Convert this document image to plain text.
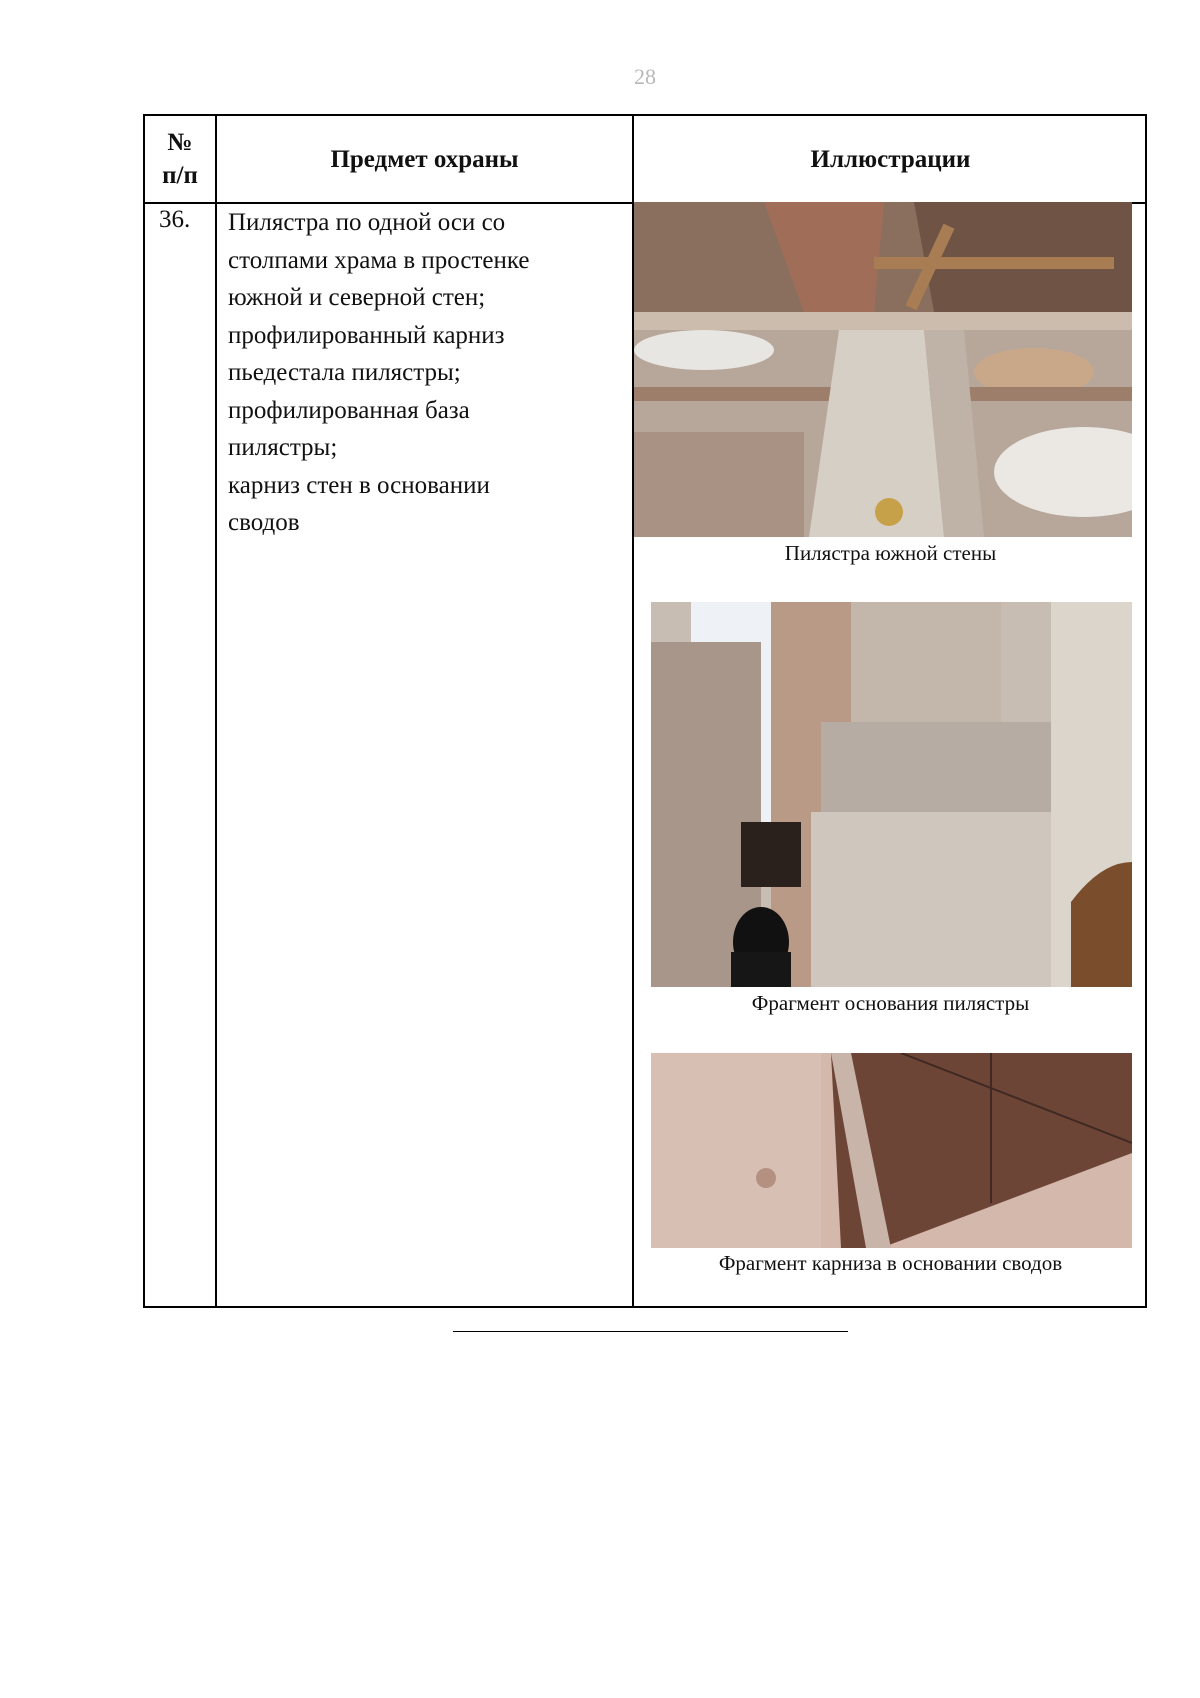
28
№
п/п
Предмет охраны	Иллюстрации
36. Пилястра по одной оси со
столпами храма в простенке
южной и северной стен;
профилированный карниз
пьедестала пилястры;
профилированная база
пилястры;
карниз стен в основании
сводов
Пилястра южной стены
Фрагмент основания пилястры
Фрагмент карниза в основании сводов
